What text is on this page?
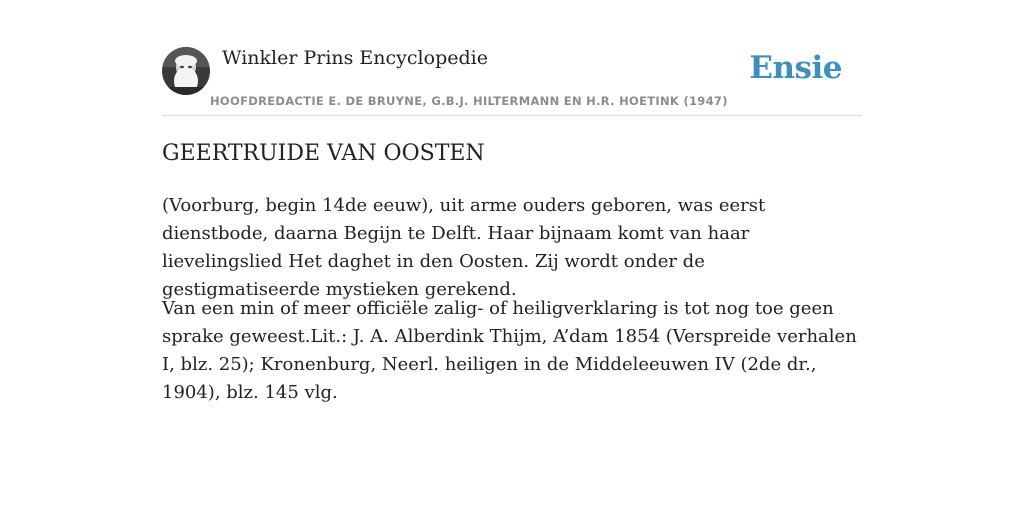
Winkler Prins Encyclopedie
HOOFDREDACTIE E. DE BRUYNE, G.B.J. HILTERMANN EN H.R. HOETINK (1947)
Ensie
GEERTRUIDE VAN OOSTEN

(Voorburg, begin 14de eeuw), uit arme ouders geboren, was eerst dienstbode, daarna Begijn te Delft. Haar bijnaam komt van haar lievelingslied Het daghet in den Oosten. Zij wordt onder de gestigmatiseerde mystieken gerekend.

Van een min of meer officiële zalig- of heiligverklaring is tot nog toe geen sprake geweest.Lit.: J. A. Alberdink Thijm, A’dam 1854 (Verspreide verhalen I, blz. 25); Kronenburg, Neerl. heiligen in de Middeleeuwen IV (2de dr., 1904), blz. 145 vlg.
